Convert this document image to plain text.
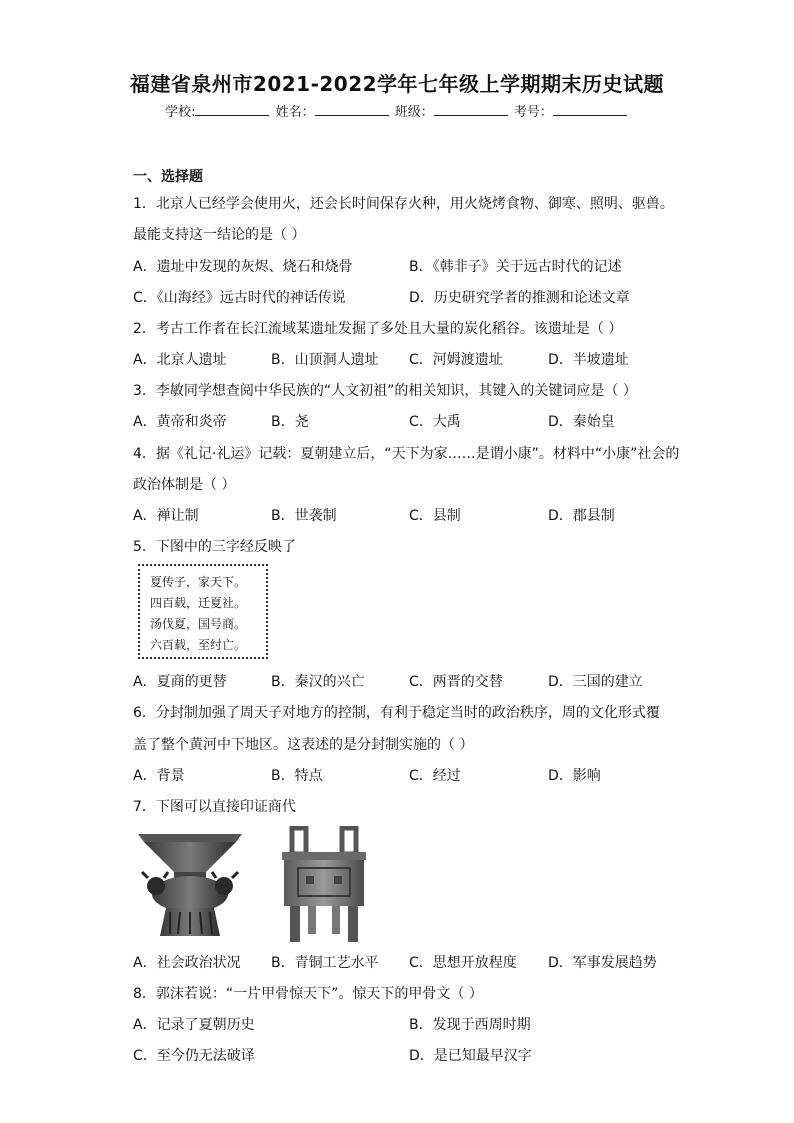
福建省泉州市2021-2022学年七年级上学期期末历史试题
学校:	姓名：	班级：	考号：
一、选择题
1．北京人已经学会使用火，还会长时间保存火种，用火烧烤食物、御寒、照明、驱兽。
最能支持这一结论的是（ ）
A．遗址中发现的灰烬、烧石和烧骨	B．《韩非子》关于远古时代的记述
C．《山海经》远古时代的神话传说	D．历史研究学者的推测和论述文章
2．考古工作者在长江流域某遗址发掘了多处且大量的炭化稻谷。该遗址是（ ）
A．北京人遗址	B．山顶洞人遗址 C．河姆渡遗址	D．半坡遗址
3．李敏同学想查阅中华民族的“人文初祖”的相关知识，其键入的关键词应是（ ）
A．黄帝和炎帝	B．尧	C．大禹	D．秦始皇
4．据《礼记·礼运》记载：夏朝建立后，“天下为家……是谓小康”。材料中“小康”社会的
政治体制是（ ）
A．禅让制	B．世袭制	C．县制	D．郡县制
5．下图中的三字经反映了
夏传子，家天下。
四百载，迁夏社。
汤伐夏，国号商。
六百载，至纣亡。
A．夏商的更替	B．秦汉的兴亡	C．两晋的交替	D．三国的建立
6．分封制加强了周天子对地方的控制，有利于稳定当时的政治秩序，周的文化形式覆
盖了整个黄河中下地区。这表述的是分封制实施的（ ）
A．背景	B．特点	C．经过	D．影响
7．下图可以直接印证商代
A．社会政治状况 B．青铜工艺水平 C．思想开放程度 D．军事发展趋势
8．郭沫若说：“一片甲骨惊天下”。惊天下的甲骨文（ ）
A．记录了夏朝历史	B．发现于西周时期
C．至今仍无法破译	D．是已知最早汉字
